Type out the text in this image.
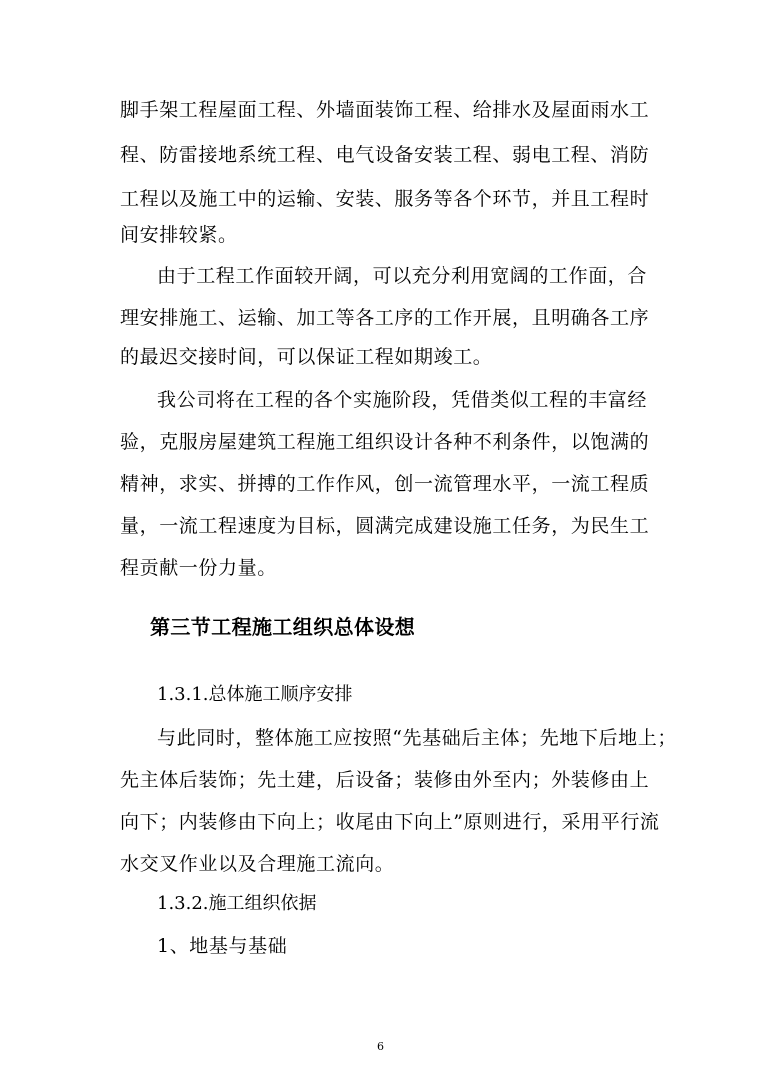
脚手架工程屋面工程、外墙面装饰工程、给排水及屋面雨水工
程、防雷接地系统工程、电气设备安装工程、弱电工程、消防
工程以及施工中的运输、安装、服务等各个环节，并且工程时
间安排较紧。
由于工程工作面较开阔，可以充分利用宽阔的工作面，合
理安排施工、运输、加工等各工序的工作开展，且明确各工序
的最迟交接时间，可以保证工程如期竣工。
我公司将在工程的各个实施阶段，凭借类似工程的丰富经
验，克服房屋建筑工程施工组织设计各种不利条件，以饱满的
精神，求实、拼搏的工作作风，创一流管理水平，一流工程质
量，一流工程速度为目标，圆满完成建设施工任务，为民生工
程贡献一份力量。
第三节工程施工组织总体设想
1.3.1.总体施工顺序安排
与此同时，整体施工应按照“先基础后主体；先地下后地上；
先主体后装饰；先土建，后设备；装修由外至内；外装修由上
向下；内装修由下向上；收尾由下向上”原则进行，采用平行流
水交叉作业以及合理施工流向。
1.3.2.施工组织依据
1、地基与基础
6
